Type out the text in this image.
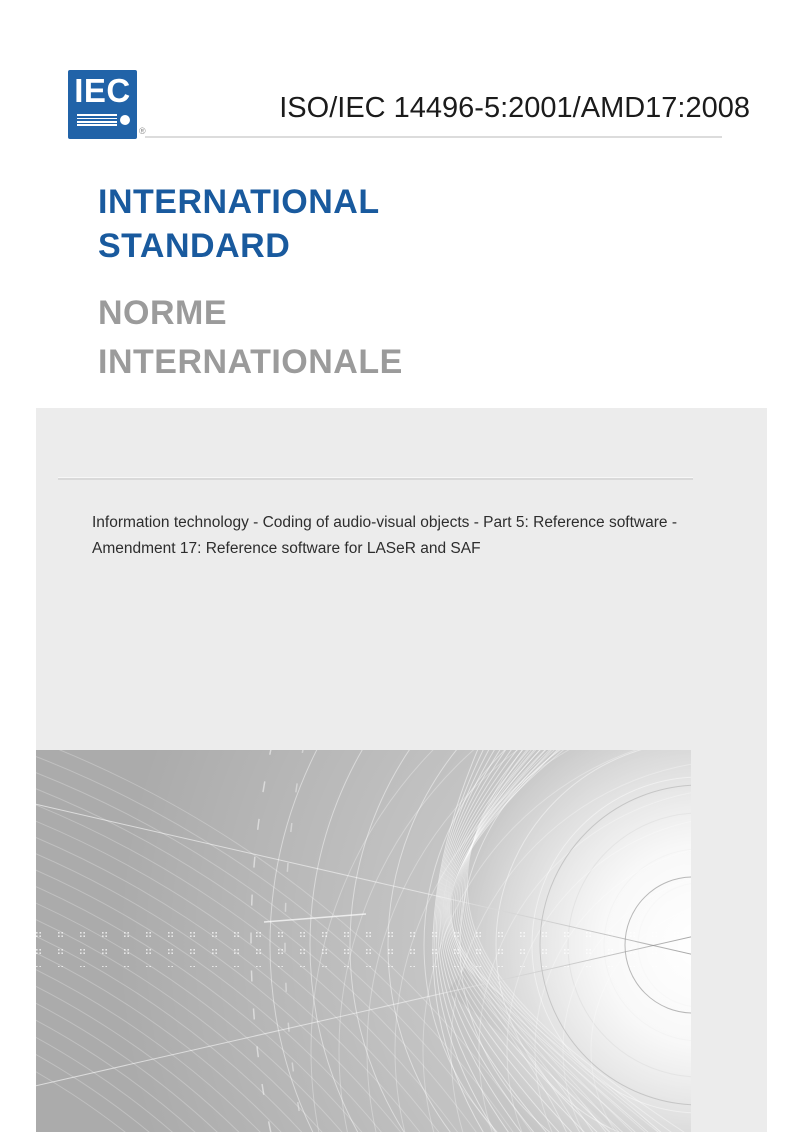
IEC
®
ISO/IEC 14496-5:2001/AMD17:2008
INTERNATIONAL
STANDARD
NORME
INTERNATIONALE
Information technology - Coding of audio-visual objects - Part 5: Reference software - Amendment 17: Reference software for LASeR and SAF
